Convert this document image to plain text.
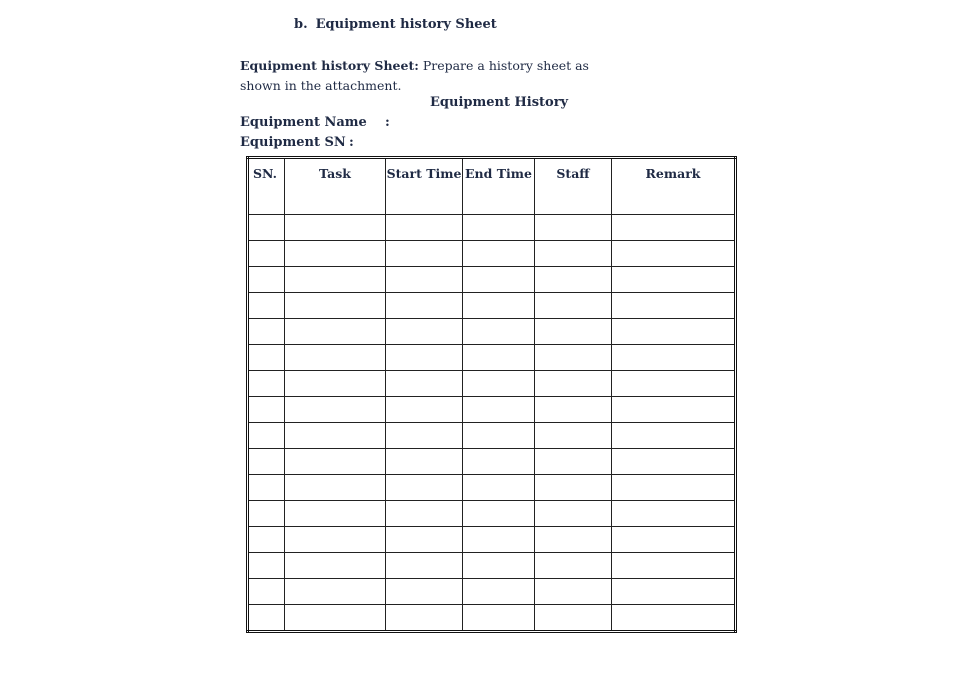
b. Equipment history Sheet
Equipment history Sheet: Prepare a history sheet as shown in the attachment.
Equipment History
Equipment Name :
Equipment SN :
SN.	Task	Start Time	End Time	Staff	Remark
